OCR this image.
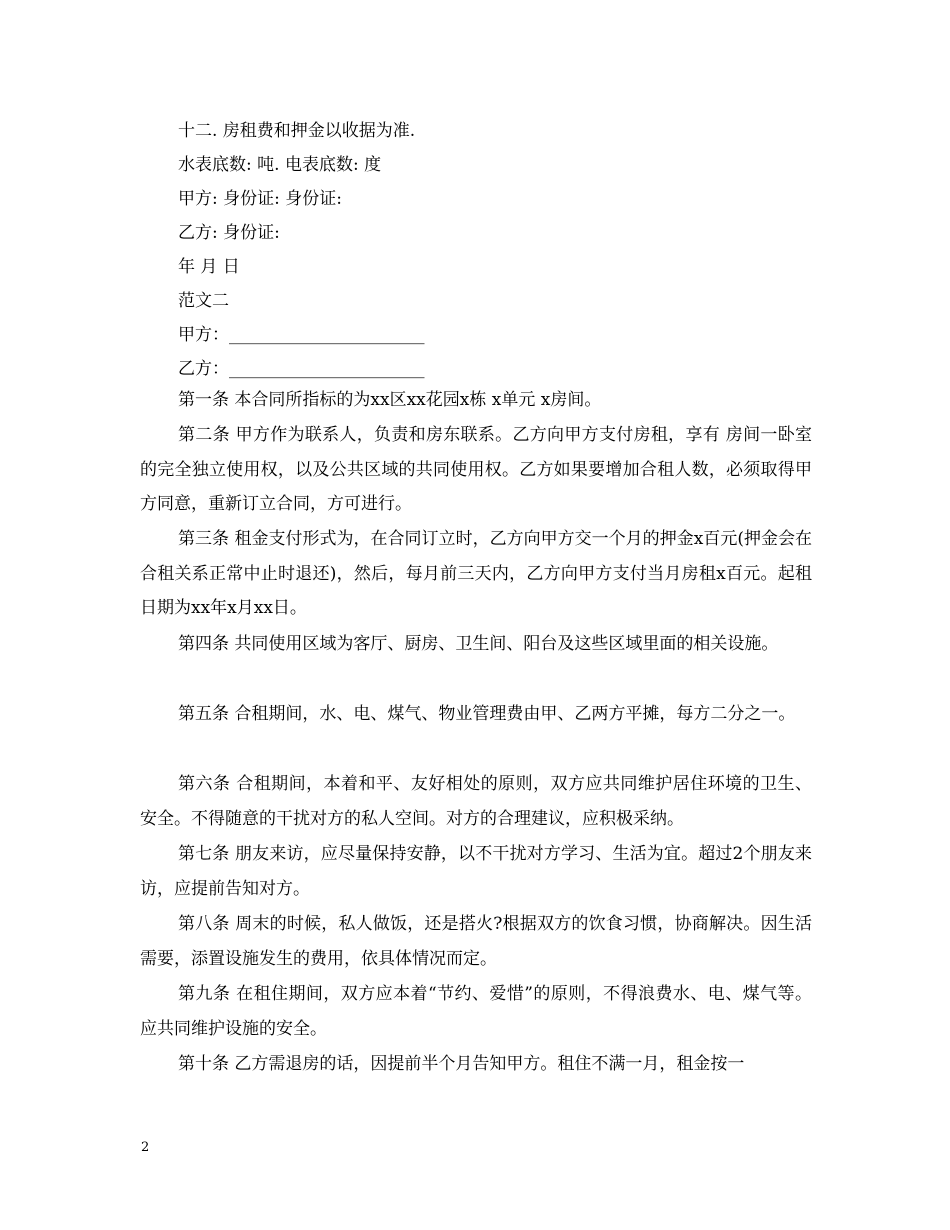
十二. 房租费和押金以收据为准.
水表底数: 吨. 电表底数: 度
甲方: 身份证: 身份证:
乙方: 身份证:
年 月 日
范文二
甲方：_______________________
乙方：_______________________
第一条 本合同所指标的为xx区xx花园x栋 x单元 x房间。
第二条 甲方作为联系人，负责和房东联系。乙方向甲方支付房租，享有 房间一卧室的完全独立使用权，以及公共区域的共同使用权。乙方如果要增加合租人数，必须取得甲方同意，重新订立合同，方可进行。
第三条 租金支付形式为，在合同订立时，乙方向甲方交一个月的押金x百元(押金会在合租关系正常中止时退还)，然后，每月前三天内，乙方向甲方支付当月房租x百元。起租日期为xx年x月xx日。
第四条 共同使用区域为客厅、厨房、卫生间、阳台及这些区域里面的相关设施。
第五条 合租期间，水、电、煤气、物业管理费由甲、乙两方平摊，每方二分之一。
第六条 合租期间，本着和平、友好相处的原则，双方应共同维护居住环境的卫生、安全。不得随意的干扰对方的私人空间。对方的合理建议，应积极采纳。
第七条 朋友来访，应尽量保持安静，以不干扰对方学习、生活为宜。超过2个朋友来访，应提前告知对方。
第八条 周末的时候，私人做饭，还是搭火?根据双方的饮食习惯，协商解决。因生活需要，添置设施发生的费用，依具体情况而定。
第九条 在租住期间，双方应本着“节约、爱惜”的原则，不得浪费水、电、煤气等。应共同维护设施的安全。
第十条 乙方需退房的话，因提前半个月告知甲方。租住不满一月，租金按一
2
